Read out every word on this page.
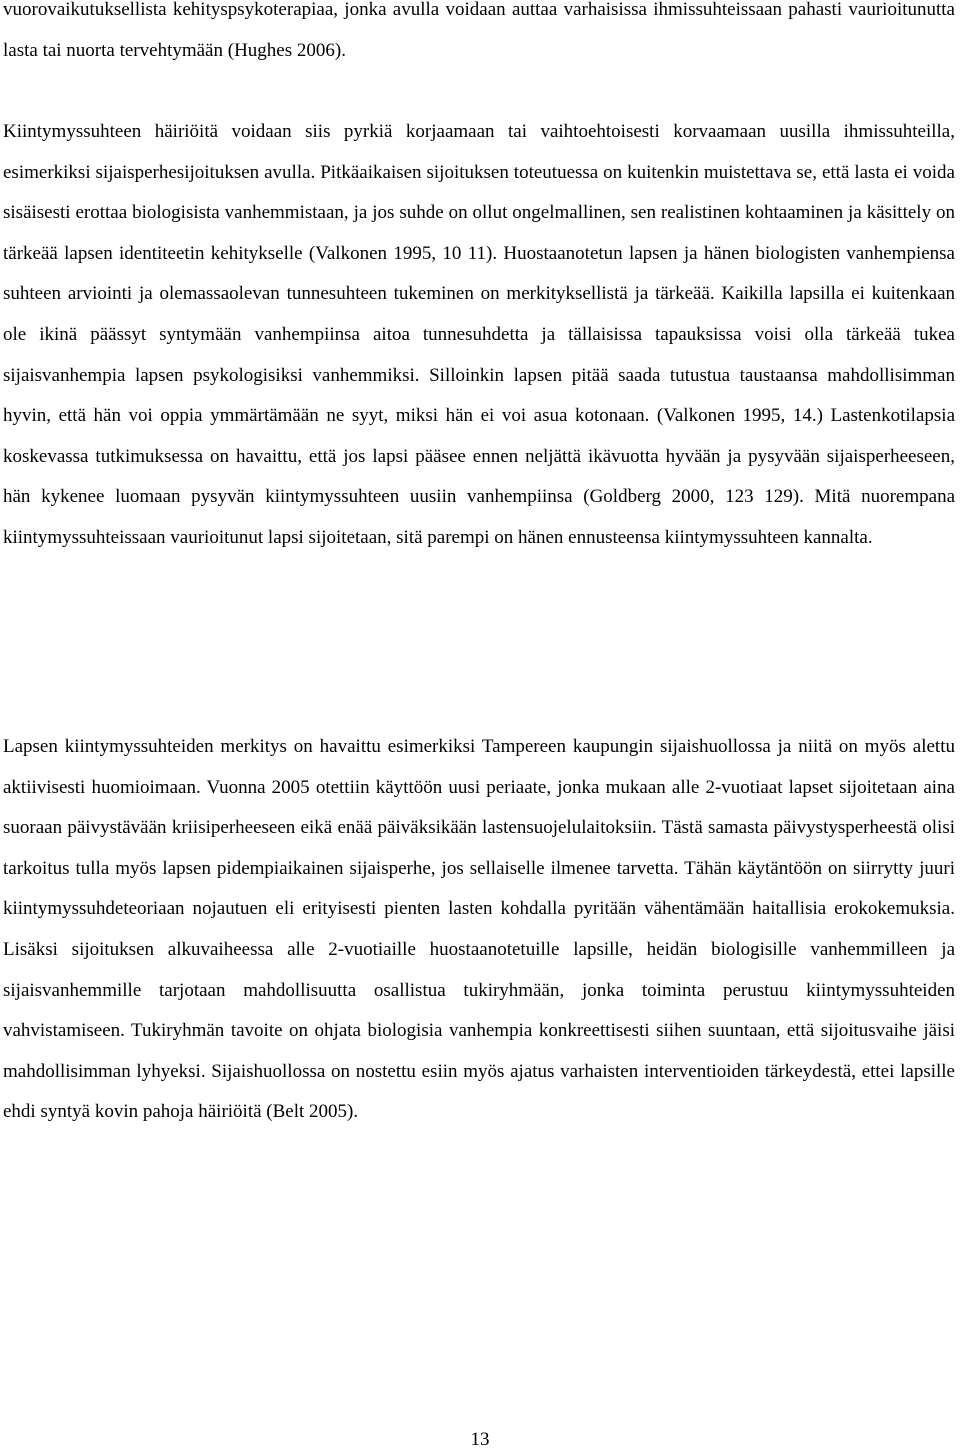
vuorovaikutuksellista kehityspsykoterapiaa, jonka avulla voidaan auttaa varhaisissa ihmissuhteissaan pahasti vaurioitunutta lasta tai nuorta tervehtymään (Hughes 2006).

Kiintymyssuhteen häiriöitä voidaan siis pyrkiä korjaamaan tai vaihtoehtoisesti korvaamaan uusilla ihmissuhteilla, esimerkiksi sijaisperhesijoituksen avulla. Pitkäaikaisen sijoituksen toteutuessa on kuitenkin muistettava se, että lasta ei voida sisäisesti erottaa biologisista vanhemmistaan, ja jos suhde on ollut ongelmallinen, sen realistinen kohtaaminen ja käsittely on tärkeää lapsen identiteetin kehitykselle (Valkonen 1995, 10 11). Huostaanotetun lapsen ja hänen biologisten vanhempiensa suhteen arviointi ja olemassaolevan tunnesuhteen tukeminen on merkityksellistä ja tärkeää. Kaikilla lapsilla ei kuitenkaan ole ikinä päässyt syntymään vanhempiinsa aitoa tunnesuhdetta ja tällaisissa tapauksissa voisi olla tärkeää tukea sijaisvanhempia lapsen psykologisiksi vanhemmiksi. Silloinkin lapsen pitää saada tutustua taustaansa mahdollisimman hyvin, että hän voi oppia ymmärtämään ne syyt, miksi hän ei voi asua kotonaan. (Valkonen 1995, 14.) Lastenkotilapsia koskevassa tutkimuksessa on havaittu, että jos lapsi pääsee ennen neljättä ikävuotta hyvään ja pysyvään sijaisperheeseen, hän kykenee luomaan pysyvän kiintymyssuhteen uusiin vanhempiinsa (Goldberg 2000, 123 129). Mitä nuorempana kiintymyssuhteissaan vaurioitunut lapsi sijoitetaan, sitä parempi on hänen ennusteensa kiintymyssuhteen kannalta.

Lapsen kiintymyssuhteiden merkitys on havaittu esimerkiksi Tampereen kaupungin sijaishuollossa ja niitä on myös alettu aktiivisesti huomioimaan. Vuonna 2005 otettiin käyttöön uusi periaate, jonka mukaan alle 2-vuotiaat lapset sijoitetaan aina suoraan päivystävään kriisiperheeseen eikä enää päiväksikään lastensuojelulaitoksiin. Tästä samasta päivystysperheestä olisi tarkoitus tulla myös lapsen pidempiaikainen sijaisperhe, jos sellaiselle ilmenee tarvetta. Tähän käytäntöön on siirrytty juuri kiintymyssuhdeteoriaan nojautuen eli erityisesti pienten lasten kohdalla pyritään vähentämään haitallisia erokokemuksia. Lisäksi sijoituksen alkuvaiheessa alle 2-vuotiaille huostaanotetuille lapsille, heidän biologisille vanhemmilleen ja sijaisvanhemmille tarjotaan mahdollisuutta osallistua tukiryhmään, jonka toiminta perustuu kiintymyssuhteiden vahvistamiseen. Tukiryhmän tavoite on ohjata biologisia vanhempia konkreettisesti siihen suuntaan, että sijoitusvaihe jäisi mahdollisimman lyhyeksi. Sijaishuollossa on nostettu esiin myös ajatus varhaisten interventioiden tärkeydestä, ettei lapsille ehdi syntyä kovin pahoja häiriöitä (Belt 2005).

13
